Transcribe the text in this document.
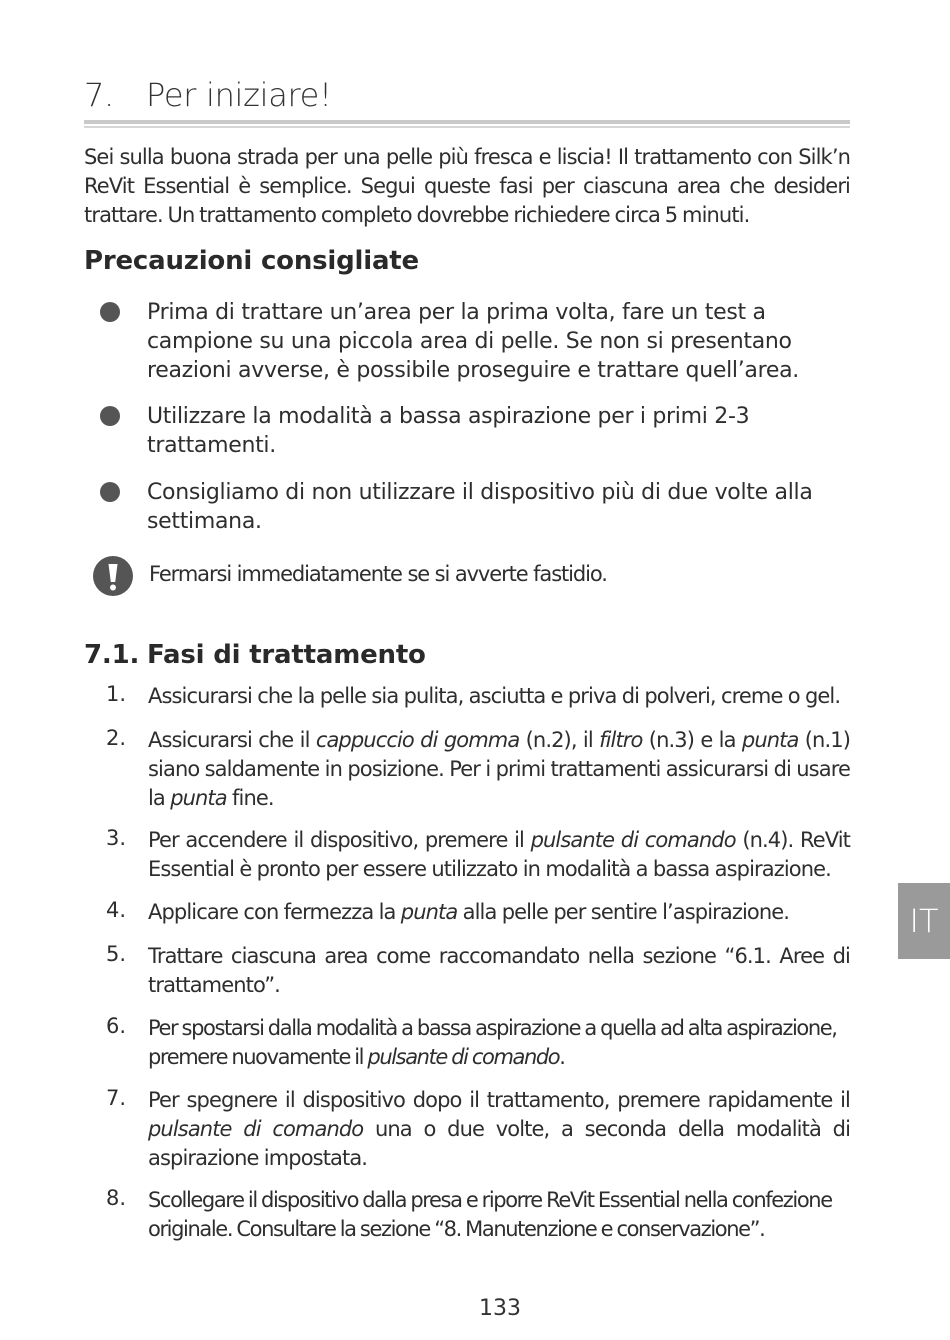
7. Per iniziare!
Sei sulla buona strada per una pelle più fresca e liscia! Il trattamento con Silk’n ReVit Essential è semplice. Segui queste fasi per ciascuna area che desideri trattare. Un trattamento completo dovrebbe richiedere circa 5 minuti.
Precauzioni consigliate
Prima di trattare un’area per la prima volta, fare un test a campione su una piccola area di pelle. Se non si presentano reazioni avverse, è possibile proseguire e trattare quell’area.
Utilizzare la modalità a bassa aspirazione per i primi 2-3 trattamenti.
Consigliamo di non utilizzare il dispositivo più di due volte alla settimana.
Fermarsi immediatamente se si avverte fastidio.
7.1. Fasi di trattamento
1. Assicurarsi che la pelle sia pulita, asciutta e priva di polveri, creme o gel.
2. Assicurarsi che il cappuccio di gomma (n.2), il filtro (n.3) e la punta (n.1) siano saldamente in posizione. Per i primi trattamenti assicurarsi di usare la punta fine.
3. Per accendere il dispositivo, premere il pulsante di comando (n.4). ReVit Essential è pronto per essere utilizzato in modalità a bassa aspirazione.
4. Applicare con fermezza la punta alla pelle per sentire l’aspirazione.
5. Trattare ciascuna area come raccomandato nella sezione “6.1. Aree di trattamento”.
6. Per spostarsi dalla modalità a bassa aspirazione a quella ad alta aspirazione, premere nuovamente il pulsante di comando.
7. Per spegnere il dispositivo dopo il trattamento, premere rapidamente il pulsante di comando una o due volte, a seconda della modalità di aspirazione impostata.
8. Scollegare il dispositivo dalla presa e riporre ReVit Essential nella confezione originale. Consultare la sezione “8. Manutenzione e conservazione”.
IT
133
